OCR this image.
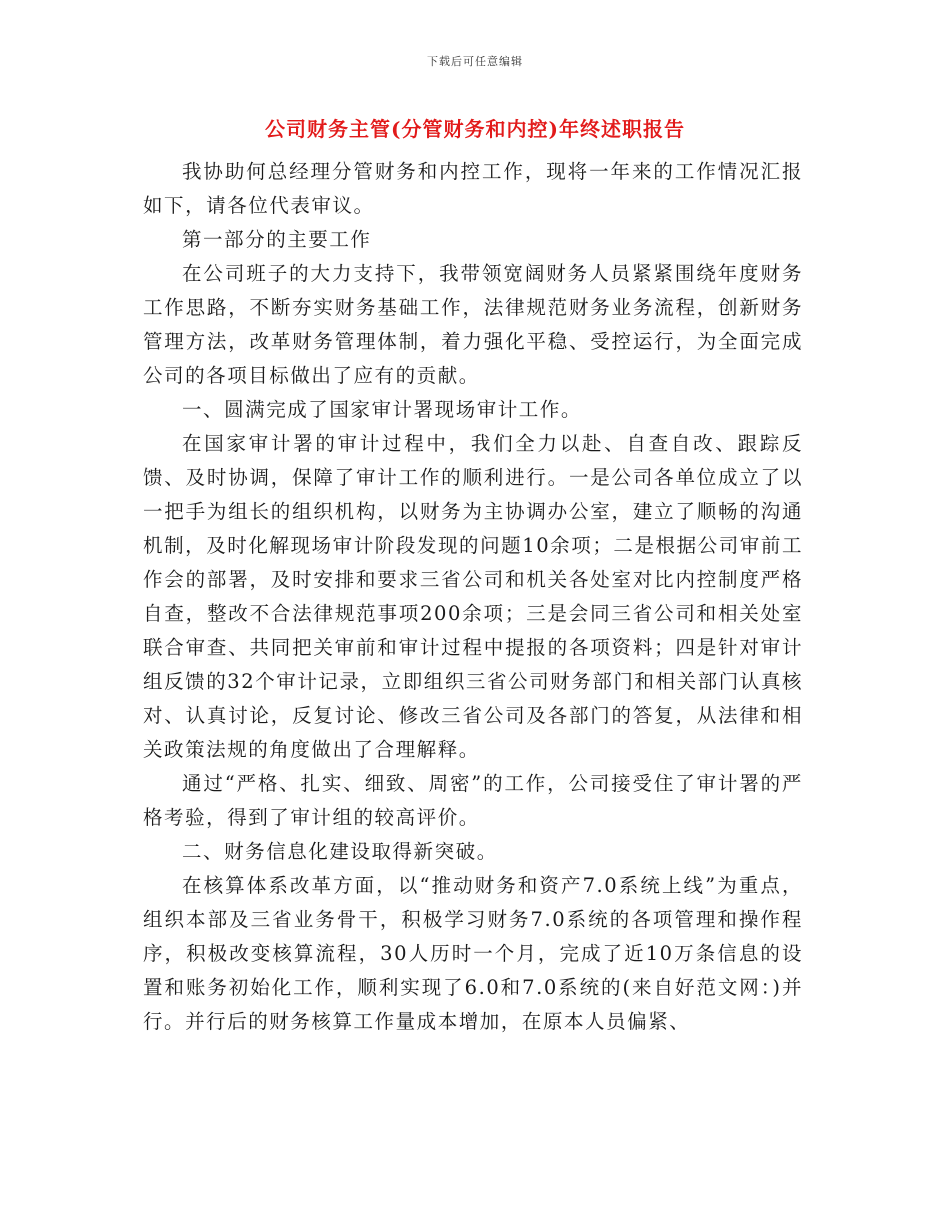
下载后可任意编辑
公司财务主管(分管财务和内控)年终述职报告

我协助何总经理分管财务和内控工作，现将一年来的工作情况汇报如下，请各位代表审议。

第一部分的主要工作

在公司班子的大力支持下，我带领宽阔财务人员紧紧围绕年度财务工作思路，不断夯实财务基础工作，法律规范财务业务流程，创新财务管理方法，改革财务管理体制，着力强化平稳、受控运行，为全面完成公司的各项目标做出了应有的贡献。

一、圆满完成了国家审计署现场审计工作。

在国家审计署的审计过程中，我们全力以赴、自查自改、跟踪反馈、及时协调，保障了审计工作的顺利进行。一是公司各单位成立了以一把手为组长的组织机构，以财务为主协调办公室，建立了顺畅的沟通机制，及时化解现场审计阶段发现的问题10余项；二是根据公司审前工作会的部署，及时安排和要求三省公司和机关各处室对比内控制度严格自查，整改不合法律规范事项200余项；三是会同三省公司和相关处室联合审查、共同把关审前和审计过程中提报的各项资料；四是针对审计组反馈的32个审计记录，立即组织三省公司财务部门和相关部门认真核对、认真讨论，反复讨论、修改三省公司及各部门的答复，从法律和相关政策法规的角度做出了合理解释。

通过“严格、扎实、细致、周密”的工作，公司接受住了审计署的严格考验，得到了审计组的较高评价。

二、财务信息化建设取得新突破。

在核算体系改革方面，以“推动财务和资产7.0系统上线”为重点，组织本部及三省业务骨干，积极学习财务7.0系统的各项管理和操作程序，积极改变核算流程，30人历时一个月，完成了近10万条信息的设置和账务初始化工作，顺利实现了6.0和7.0系统的(来自好范文网：)并行。并行后的财务核算工作量成本增加，在原本人员偏紧、
